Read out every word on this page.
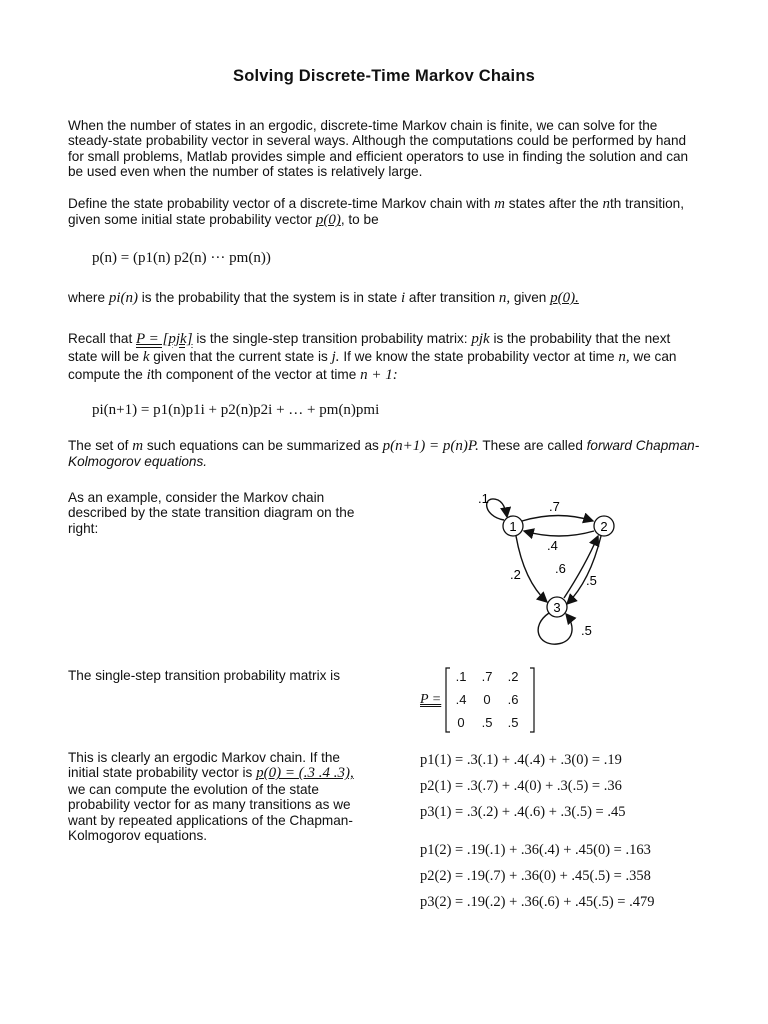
Solving Discrete-Time Markov Chains
When the number of states in an ergodic, discrete-time Markov chain is finite, we can solve for the steady-state probability vector in several ways. Although the computations could be performed by hand for small problems, Matlab provides simple and efficient operators to use in finding the solution and can be used even when the number of states is relatively large.
Define the state probability vector of a discrete-time Markov chain with m states after the nth transition, given some initial state probability vector p(0), to be
p(n) = (p1(n) p2(n) ··· pm(n))
where pi(n) is the probability that the system is in state i after transition n, given p(0).
Recall that P = [pjk] is the single-step transition probability matrix: pjk is the probability that the next state will be k given that the current state is j. If we know the state probability vector at time n, we can compute the ith component of the vector at time n + 1:
pi(n+1) = p1(n)p1i + p2(n)p2i + … + pm(n)pmi
The set of m such equations can be summarized as p(n+1) = p(n)P. These are called forward Chapman-Kolmogorov equations.
As an example, consider the Markov chain described by the state transition diagram on the right:	1	2
3
.1
.7
.4
.2	.6
.5
.5
The single-step transition probability matrix is
P =
.1	.7	.2
.4	0	.6
0	.5	.5
This is clearly an ergodic Markov chain. If the initial state probability vector is p(0) = (.3 .4 .3), we can compute the evolution of the state probability vector for as many transitions as we want by repeated applications of the Chapman-Kolmogorov equations.
p1(1) = .3(.1) + .4(.4) + .3(0) = .19
p2(1) = .3(.7) + .4(0) + .3(.5) = .36
p3(1) = .3(.2) + .4(.6) + .3(.5) = .45
p1(2) = .19(.1) + .36(.4) + .45(0) = .163
p2(2) = .19(.7) + .36(0) + .45(.5) = .358
p3(2) = .19(.2) + .36(.6) + .45(.5) = .479
